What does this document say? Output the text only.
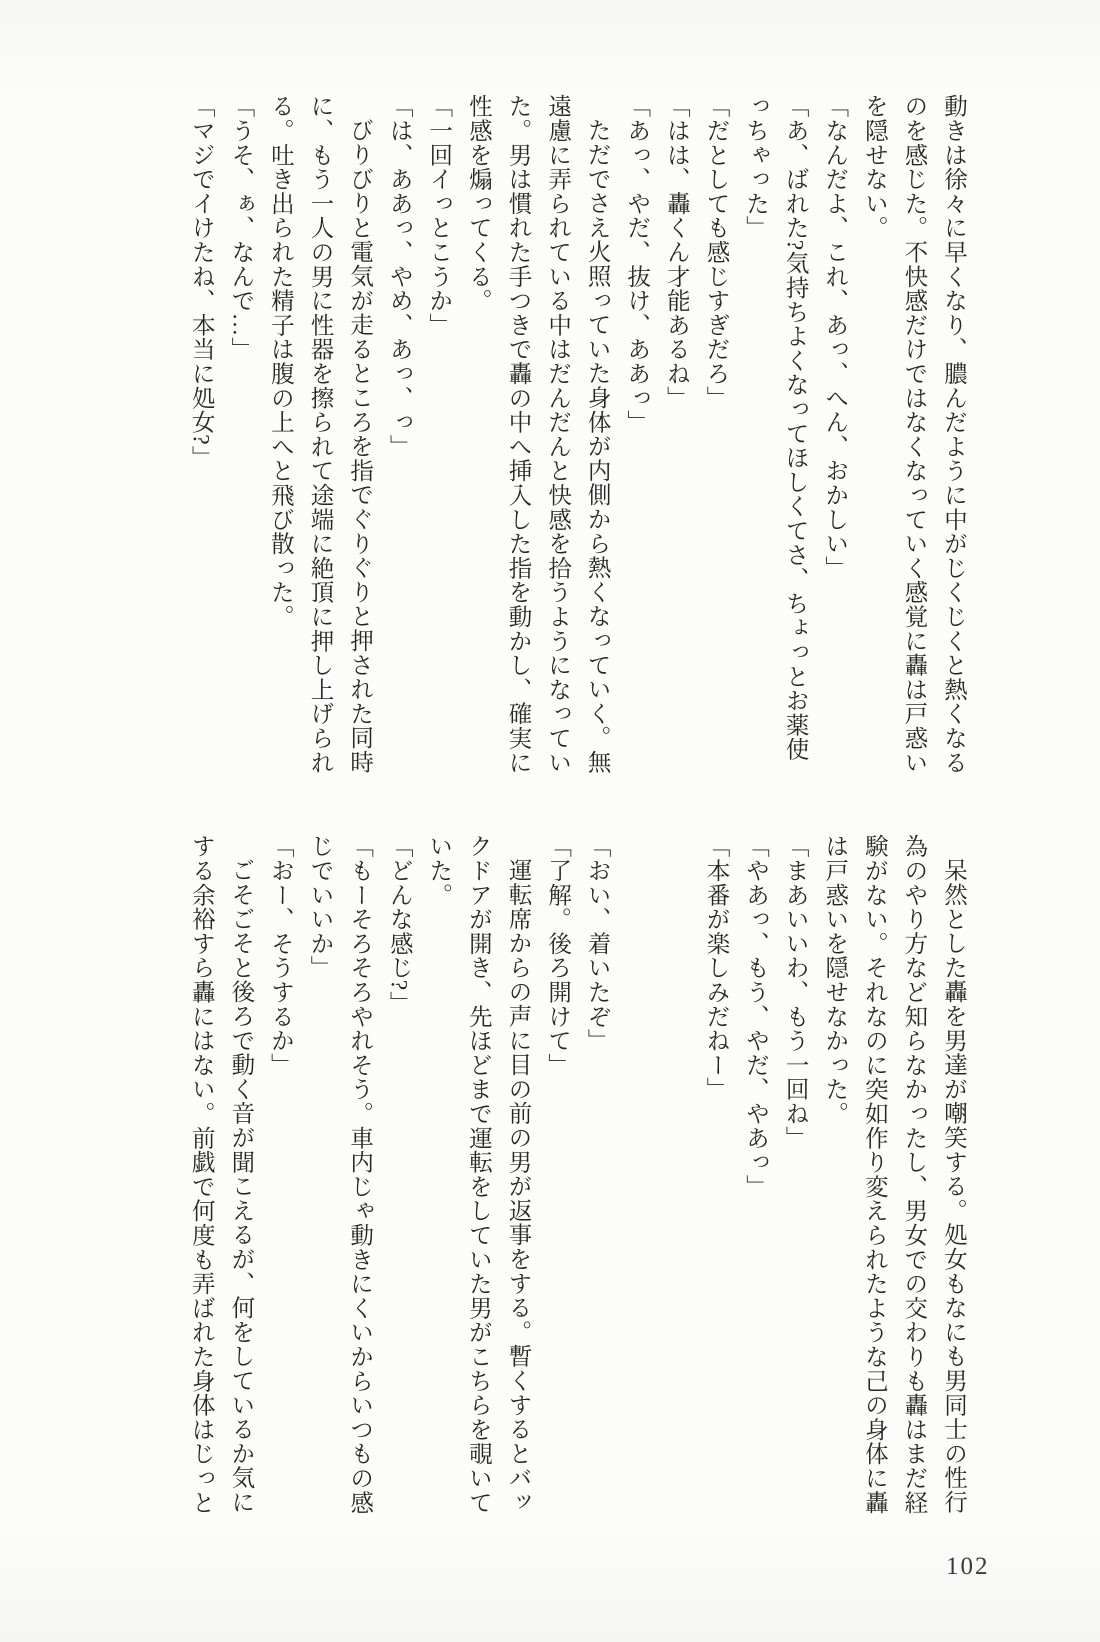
動きは徐々に早くなり、膿んだように中がじくじくと熱くなるのを感じた。不快感だけではなくなっていく感覚に轟は戸惑いを隠せない。

「なんだよ、これ、あっ、へん、おかしい」

「あ、ばれた?気持ちよくなってほしくてさ、ちょっとお薬使っちゃった」

「だとしても感じすぎだろ」

「はは、轟くん才能あるね」

「あっ、やだ、抜け、ああっ」

ただでさえ火照っていた身体が内側から熱くなっていく。無遠慮に弄られている中はだんだんと快感を拾うようになっていた。男は慣れた手つきで轟の中へ挿入した指を動かし、確実に性感を煽ってくる。

「一回イっとこうか」

「は、ああっ、やめ、あっ、っ」

びりびりと電気が走るところを指でぐりぐりと押された同時に、もう一人の男に性器を擦られて途端に絶頂に押し上げられる。吐き出られた精子は腹の上へと飛び散った。

「うそ、ぁ、なんで…」

「マジでイけたね、本当に処女?」

呆然とした轟を男達が嘲笑する。処女もなにも男同士の性行為のやり方など知らなかったし、男女での交わりも轟はまだ経験がない。それなのに突如作り変えられたような己の身体に轟は戸惑いを隠せなかった。

「まあいいわ、もう一回ね」

「やあっ、もう、やだ、やあっ」

「本番が楽しみだねー」

「おい、着いたぞ」

「了解。後ろ開けて」

運転席からの声に目の前の男が返事をする。暫くするとバックドアが開き、先ほどまで運転をしていた男がこちらを覗いていた。

「どんな感じ?」

「もーそろそろやれそう。車内じゃ動きにくいからいつもの感じでいいか」

「おー、そうするか」

ごそごそと後ろで動く音が聞こえるが、何をしているか気にする余裕すら轟にはない。前戯で何度も弄ばれた身体はじっと

102
